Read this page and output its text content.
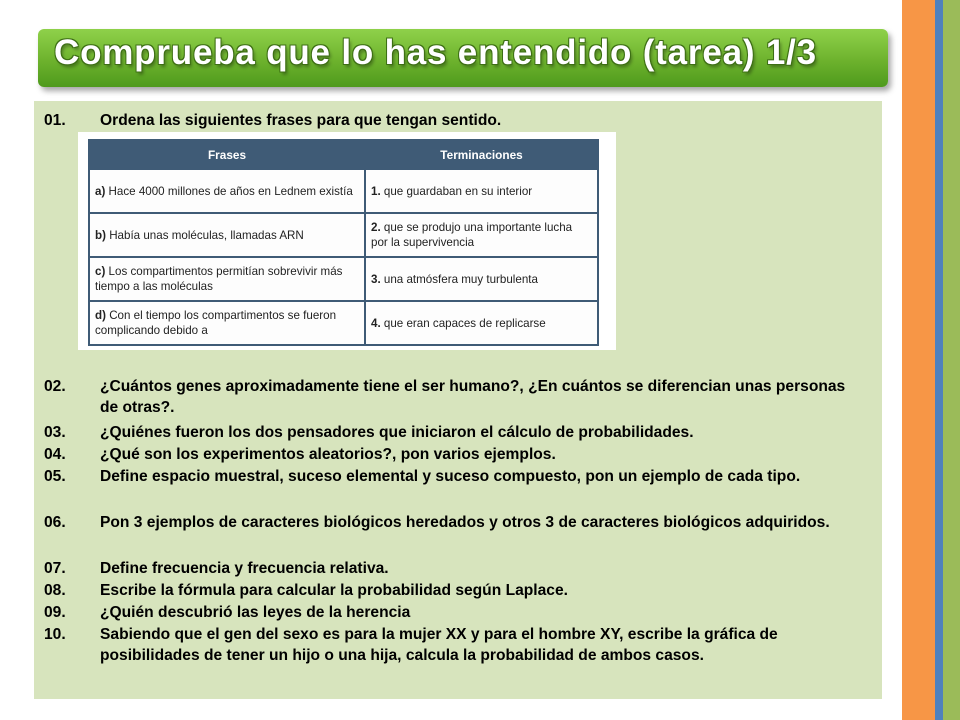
Comprueba que lo has entendido (tarea) 1/3
01.	Ordena las siguientes frases para que tengan sentido.
Frases	Terminaciones
a) Hace 4000 millones de años en Lednem existía	1. que guardaban en su interior
b) Había unas moléculas, llamadas ARN	2. que se produjo una importante lucha por la supervivencia
c) Los compartimentos permitían sobrevivir más tiempo a las moléculas	3. una atmósfera muy turbulenta
d) Con el tiempo los compartimentos se fueron complicando debido a	4. que eran capaces de replicarse
02.	¿Cuántos genes aproximadamente tiene el ser humano?, ¿En cuántos se diferencian unas personas de otras?.
03.	¿Quiénes fueron los dos pensadores que iniciaron el cálculo de probabilidades.
04.	¿Qué son los experimentos aleatorios?, pon varios ejemplos.
05.	Define espacio muestral, suceso elemental y suceso compuesto, pon un ejemplo de cada tipo.
06.	Pon 3 ejemplos de caracteres biológicos heredados y otros 3 de caracteres biológicos adquiridos.
07.	Define frecuencia y frecuencia relativa.
08.	Escribe la fórmula para calcular la probabilidad según Laplace.
09.	¿Quién descubrió las leyes de la herencia
10.	Sabiendo que el gen del sexo es para la mujer XX y para el hombre XY, escribe la gráfica de posibilidades de tener un hijo o una hija, calcula la probabilidad de ambos casos.
